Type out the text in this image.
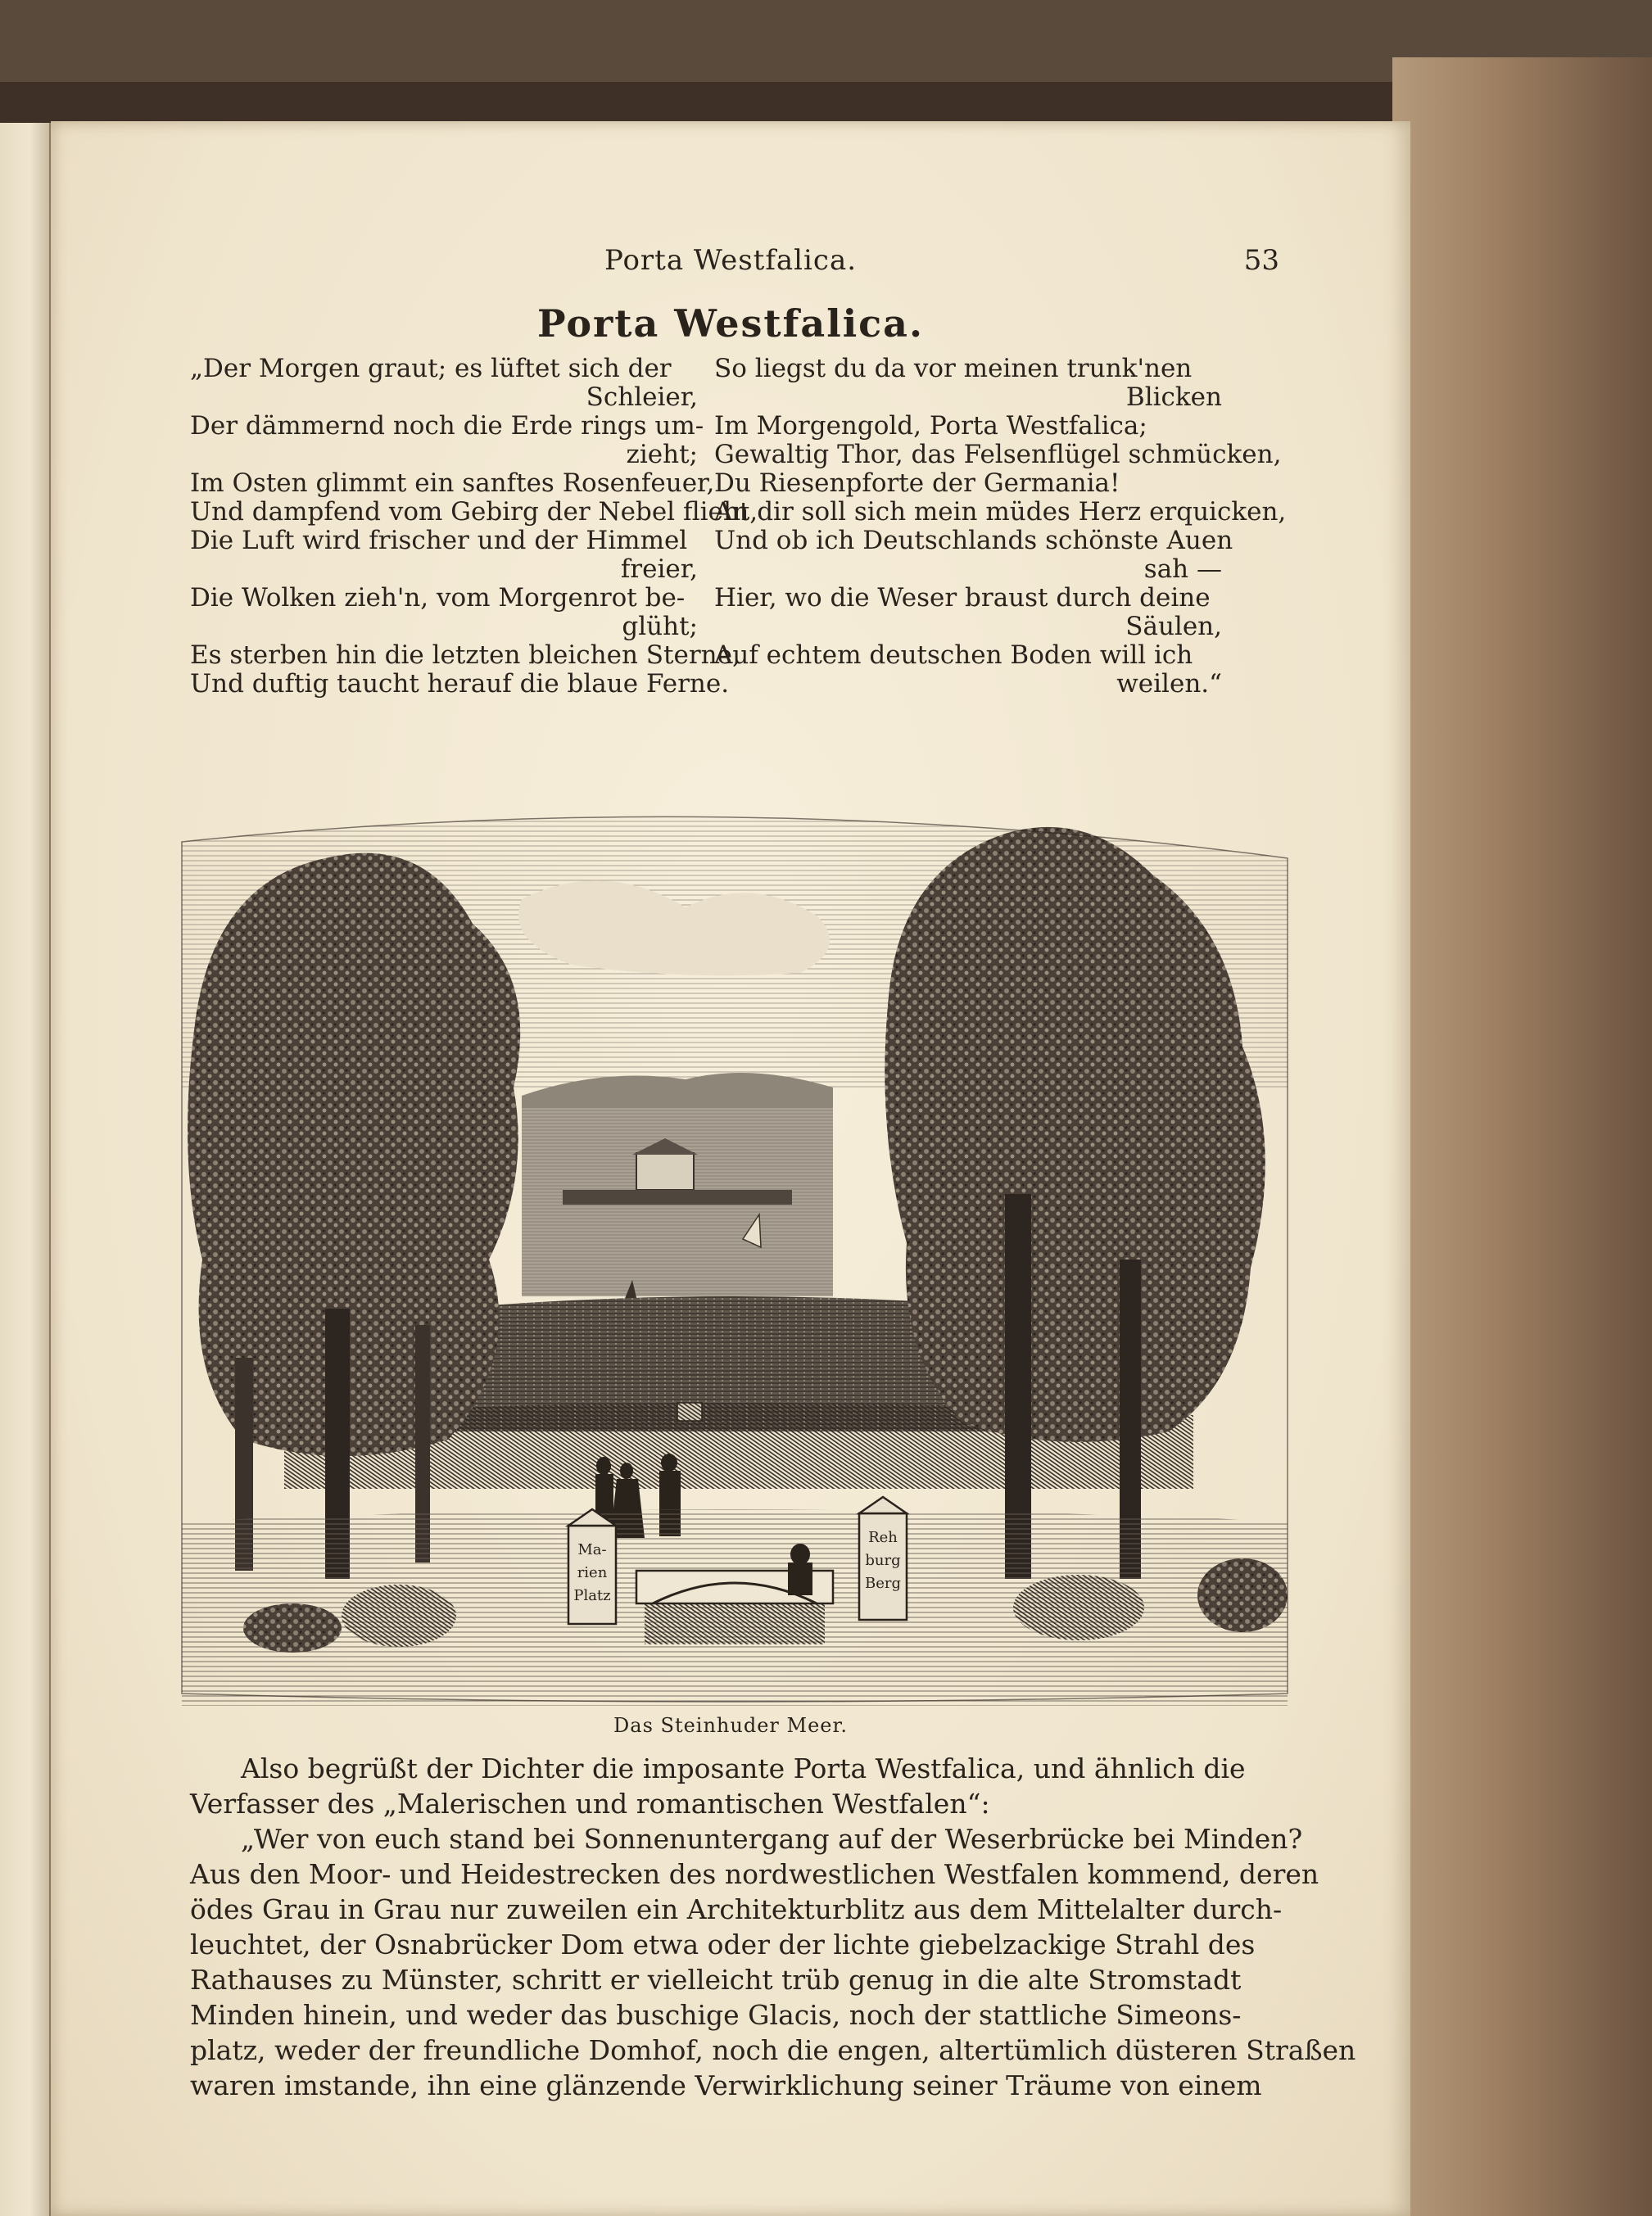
Porta Westfalica.	53
Porta Westfalica.
„Der Morgen graut; es lüftet sich der
Schleier,
Der dämmernd noch die Erde rings um-
zieht;
Im Osten glimmt ein sanftes Rosenfeuer,
Und dampfend vom Gebirg der Nebel flieht,
Die Luft wird frischer und der Himmel
freier,
Die Wolken zieh'n, vom Morgenrot be-
glüht;
Es sterben hin die letzten bleichen Sterne,
Und duftig taucht herauf die blaue Ferne.
So liegst du da vor meinen trunk'nen
Blicken
Im Morgengold, Porta Westfalica;
Gewaltig Thor, das Felsenflügel schmücken,
Du Riesenpforte der Germania!
An dir soll sich mein müdes Herz erquicken,
Und ob ich Deutschlands schönste Auen
sah —
Hier, wo die Weser braust durch deine
Säulen,
Auf echtem deutschen Boden will ich
weilen.“
Ma-
rien
Platz
Reh
burg
Berg
Das Steinhuder Meer.
Also begrüßt der Dichter die imposante Porta Westfalica, und ähnlich die
Verfasser des „Malerischen und romantischen Westfalen“:
„Wer von euch stand bei Sonnenuntergang auf der Weserbrücke bei Minden?
Aus den Moor- und Heidestrecken des nordwestlichen Westfalen kommend, deren
ödes Grau in Grau nur zuweilen ein Architekturblitz aus dem Mittelalter durch-
leuchtet, der Osnabrücker Dom etwa oder der lichte giebelzackige Strahl des
Rathauses zu Münster, schritt er vielleicht trüb genug in die alte Stromstadt
Minden hinein, und weder das buschige Glacis, noch der stattliche Simeons-
platz, weder der freundliche Domhof, noch die engen, altertümlich düsteren Straßen
waren imstande, ihn eine glänzende Verwirklichung seiner Träume von einem
